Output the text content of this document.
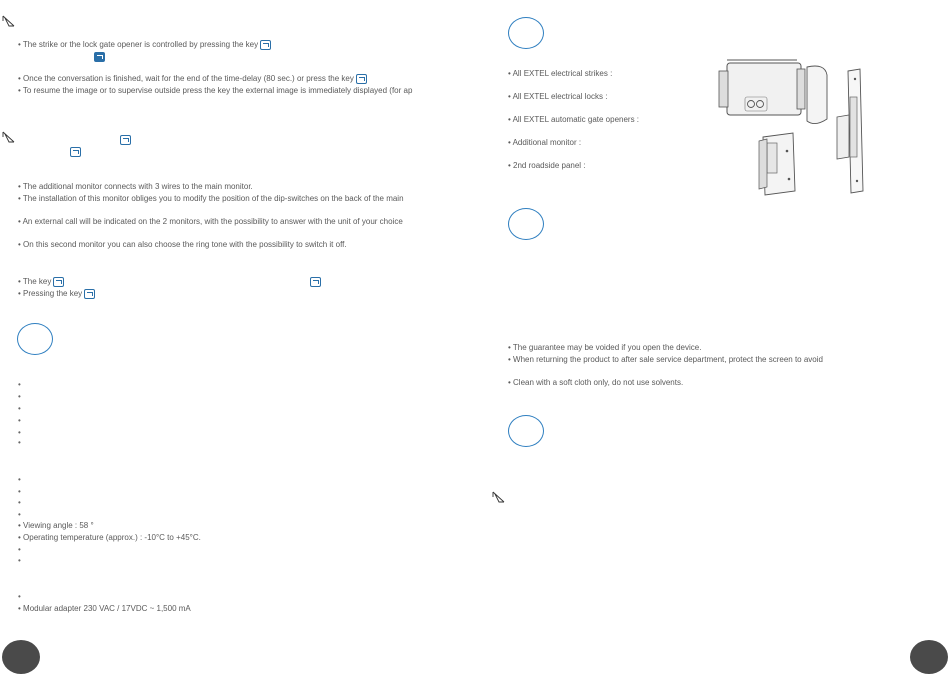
• The strike or the lock gate opener is controlled by pressing the key
• Once the conversation is finished, wait for the end of the time-delay (80 sec.) or press the key
• To resume the image or to supervise outside press the key the external image is immediately displayed (for ap
• The additional monitor connects with 3 wires to the main monitor.
• The installation of this monitor obliges you to modify the position of the dip-switches on the back of the main
• An external call will be indicated on the 2 monitors, with the possibility to answer with the unit of your choice
• On this second monitor you can also choose the ring tone with the possibility to switch it off.
• The key
• Pressing the key
•
•
•
•
•
•
•
•
•
•
• Viewing angle : 58 °
• Operating temperature (approx.) : -10°C to +45°C.
•
•
•
• Modular adapter 230 VAC / 17VDC ~ 1,500 mA
• All EXTEL electrical strikes :
• All EXTEL electrical locks :
• All EXTEL automatic gate openers :
• Additional monitor :
• 2nd roadside panel :
• The guarantee may be voided if you open the device.
• When returning the product to after sale service department, protect the screen to avoid
• Clean with a soft cloth only, do not use solvents.
